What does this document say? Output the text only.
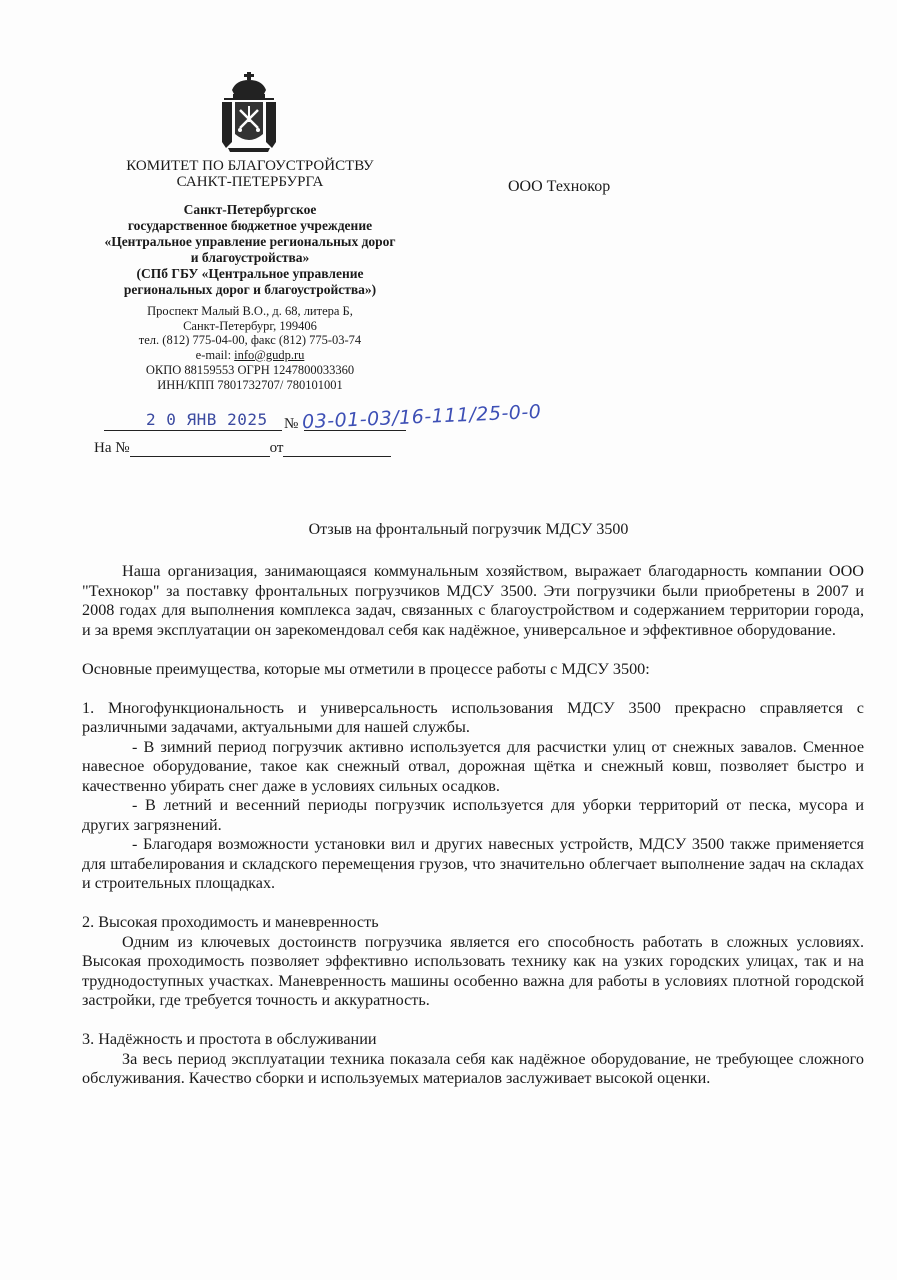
КОМИТЕТ ПО БЛАГОУСТРОЙСТВУ
САНКТ-ПЕТЕРБУРГА
Санкт-Петербургское
государственное бюджетное учреждение
«Центральное управление региональных дорог
и благоустройства»
(СПб ГБУ «Центральное управление
региональных дорог и благоустройства»)
Проспект Малый В.О., д. 68, литера Б,
Санкт-Петербург, 199406
тел. (812) 775-04-00, факс (812) 775-03-74
e-mail: info@gudp.ru
ОКПО 88159553 ОГРН 1247800033360
ИНН/КПП 7801732707/ 780101001
ООО Технокор
2 0 ЯНВ 2025 № 03-01-03/16-111/25-0-0
На №	от
Отзыв на фронтальный погрузчик МДСУ 3500

Наша организация, занимающаяся коммунальным хозяйством, выражает благодарность компании ООО "Технокор" за поставку фронтальных погрузчиков МДСУ 3500. Эти погрузчики были приобретены в 2007 и 2008 годах для выполнения комплекса задач, связанных с благоустройством и содержанием территории города, и за время эксплуатации он зарекомендовал себя как надёжное, универсальное и эффективное оборудование.

Основные преимущества, которые мы отметили в процессе работы с МДСУ 3500:

1. Многофункциональность и универсальность использования МДСУ 3500 прекрасно справляется с различными задачами, актуальными для нашей службы.

- В зимний период погрузчик активно используется для расчистки улиц от снежных завалов. Сменное навесное оборудование, такое как снежный отвал, дорожная щётка и снежный ковш, позволяет быстро и качественно убирать снег даже в условиях сильных осадков.

- В летний и весенний периоды погрузчик используется для уборки территорий от песка, мусора и других загрязнений.

- Благодаря возможности установки вил и других навесных устройств, МДСУ 3500 также применяется для штабелирования и складского перемещения грузов, что значительно облегчает выполнение задач на складах и строительных площадках.

2. Высокая проходимость и маневренность

Одним из ключевых достоинств погрузчика является его способность работать в сложных условиях. Высокая проходимость позволяет эффективно использовать технику как на узких городских улицах, так и на труднодоступных участках. Маневренность машины особенно важна для работы в условиях плотной городской застройки, где требуется точность и аккуратность.

3. Надёжность и простота в обслуживании

За весь период эксплуатации техника показала себя как надёжное оборудование, не требующее сложного обслуживания. Качество сборки и используемых материалов заслуживает высокой оценки.
